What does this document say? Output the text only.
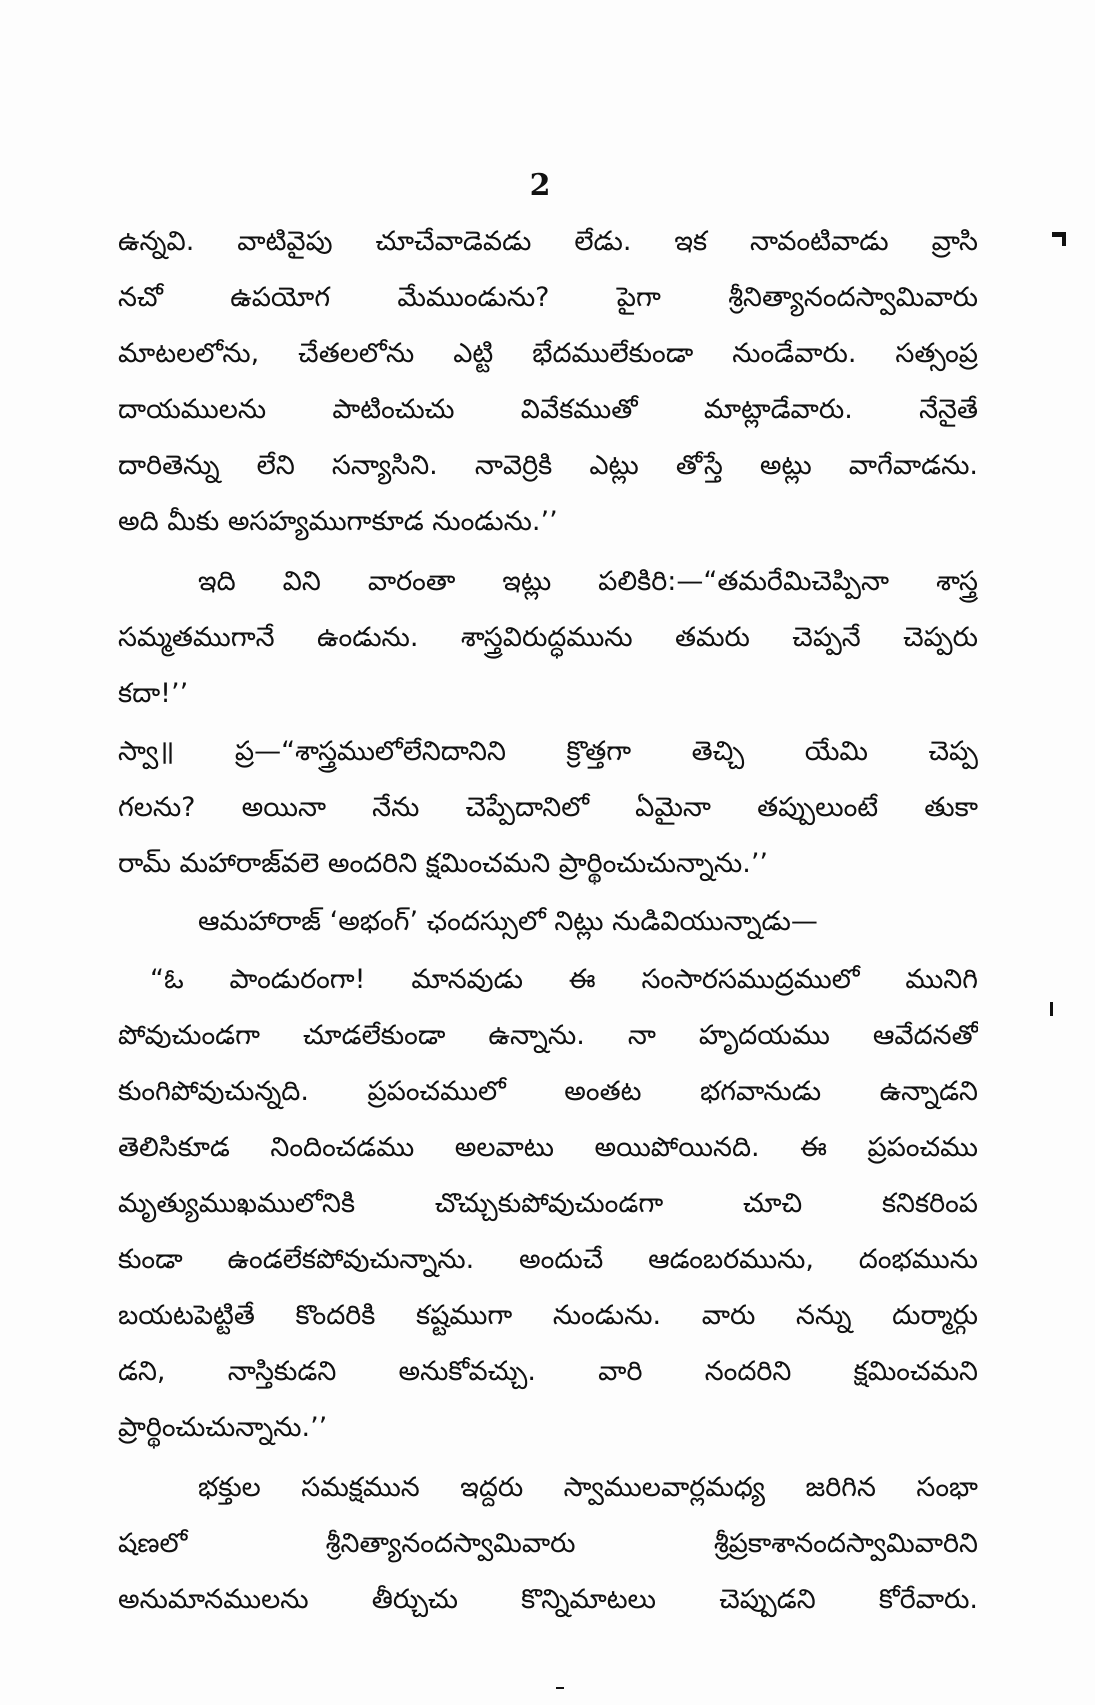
2
ఉన్నవి. వాటివైపు చూచేవాడెవడు లేడు. ఇక నావంటివాడు వ్రాసి
నచో ఉపయోగ మేముండును? పైగా శ్రీనిత్యానందస్వామివారు
మాటలలోను, చేతలలోను ఎట్టి భేదములేకుండా నుండేవారు. సత్సంప్ర
దాయములను పాటించుచు వివేకముతో మాట్లాడేవారు. నేనైతే
దారితెన్ను లేని సన్యాసిని. నావెర్రికి ఎట్లు తోస్తే అట్లు వాగేవాడను.
అది మీకు అసహ్యముగాకూడ నుండును.’’
ఇది విని వారంతా ఇట్లు పలికిరి:—“తమరేమిచెప్పినా శాస్త్ర
సమ్మతముగానే ఉండును. శాస్త్రవిరుద్ధమును తమరు చెప్పనే చెప్పరు
కదా!’’
స్వా॥ ప్ర—“శాస్త్రములోలేనిదానిని క్రొత్తగా తెచ్చి యేమి చెప్ప
గలను? అయినా నేను చెప్పేదానిలో ఏమైనా తప్పులుంటే తుకా
రామ్ మహారాజ్‌వలె అందరిని క్షమించమని ప్రార్థించుచున్నాను.’’
ఆమహారాజ్ ‘అభంగ్’ ఛందస్సులో నిట్లు నుడివియున్నాడు—
“ఓ పాండురంగా! మానవుడు ఈ సంసారసముద్రములో మునిగి
పోవుచుండగా చూడలేకుండా ఉన్నాను. నా హృదయము ఆవేదనతో
కుంగిపోవుచున్నది. ప్రపంచములో అంతట భగవానుడు ఉన్నాడని
తెలిసికూడ నిందించడము అలవాటు అయిపోయినది. ఈ ప్రపంచము
మృత్యుముఖములోనికి చొచ్చుకుపోవుచుండగా చూచి కనికరింప
కుండా ఉండలేకపోవుచున్నాను. అందుచే ఆడంబరమును, దంభమును
బయటపెట్టితే కొందరికి కష్టముగా నుండును. వారు నన్ను దుర్మార్గు
డని, నాస్తికుడని అనుకోవచ్చు. వారి నందరిని క్షమించమని
ప్రార్థించుచున్నాను.’’
భక్తుల సమక్షమున ఇద్దరు స్వాములవార్లమధ్య జరిగిన సంభా
షణలో శ్రీనిత్యానందస్వామివారు శ్రీప్రకాశానందస్వామివారిని
అనుమానములను తీర్చుచు కొన్నిమాటలు చెప్పుడని కోరేవారు.
